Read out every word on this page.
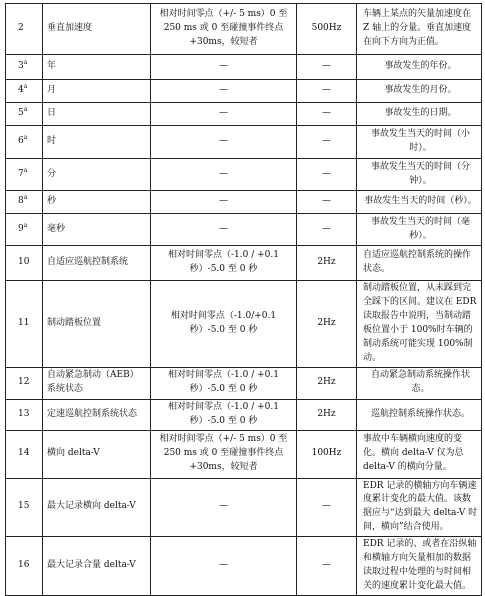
2	垂直加速度	相对时间零点（+/- 5 ms）0 至 250 ms 或 0 至碰撞事件终点 +30ms，较短者	500Hz	车辆上某点的矢量加速度在 Z 轴上的分量。垂直加速度在向下方向为正值。
3$^a$	年	—	—	事故发生的年份。
4$^a$	月	—	—	事故发生的月份。
5$^a$	日	—	—	事故发生的日期。
6$^a$	时	—	—	事故发生当天的时间（小时）。
7$^a$	分	—	—	事故发生当天的时间（分钟）。
8$^a$	秒	—	—	事故发生当天的时间（秒）。
9$^a$	毫秒	—	—	事故发生当天的时间（毫秒）。
10	自适应巡航控制系统	相对时间零点（-1.0 / +0.1 秒）-5.0 至 0 秒	2Hz	自适应巡航控制系统的操作状态。
11	制动踏板位置	相对时间零点（-1.0/+0.1 秒）-5.0 至 0 秒	2Hz	制动踏板位置，从未踩到完全踩下的区间。建议在 EDR 读取报告中说明，当制动踏板位置小于 100%时车辆的制动系统可能实现 100%制动。
12	自动紧急制动（AEB）系统状态	相对时间零点（-1.0 / +0.1 秒）-5.0 至 0 秒	2Hz	自动紧急制动系统操作状态。
13	定速巡航控制系统状态	相对时间零点（-1.0 / +0.1 秒）-5.0 至 0 秒	2Hz	巡航控制系统操作状态。
14	横向 delta-V	相对时间零点（+/- 5 ms）0 至 250 ms 或 0 至碰撞事件终点 +30ms，较短者	100Hz	事故中车辆横向速度的变化。横向 delta-V 仅为总 delta-V 的横向分量。
15	最大记录横向 delta-V	—	—	EDR 记录的横轴方向车辆速度累计变化的最大值。该数据应与“达到最大 delta-V 时间，横向”结合使用。
16	最大记录合量 delta-V	—	—	EDR 记录的、或者在沿纵轴和横轴方向矢量相加的数据读取过程中处理的与时间相关的速度累计变化最大值。
